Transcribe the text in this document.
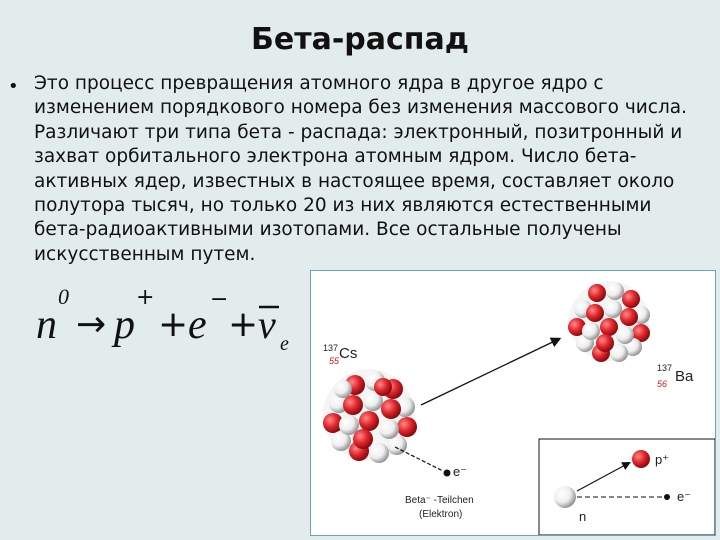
Бета-распад
• Это процесс превращения атомного ядра в другое ядро с изменением порядкового номера без изменения массового числа. Различают три типа бета - распада: электронный, позитронный и захват орбитального электрона атомным ядром. Число бета-активных ядер, известных в настоящее время, составляет около полутора тысяч, но только 20 из них являются естественными бета-радиоактивными изотопами. Все остальные получены искусственным путем.

n
0
→ p
+
+ e
−
+ ν e	137 Cs
55
137 Ba
56
e⁻
Beta⁻ -Teilchen
(Elektron)	n
p⁺
e⁻
